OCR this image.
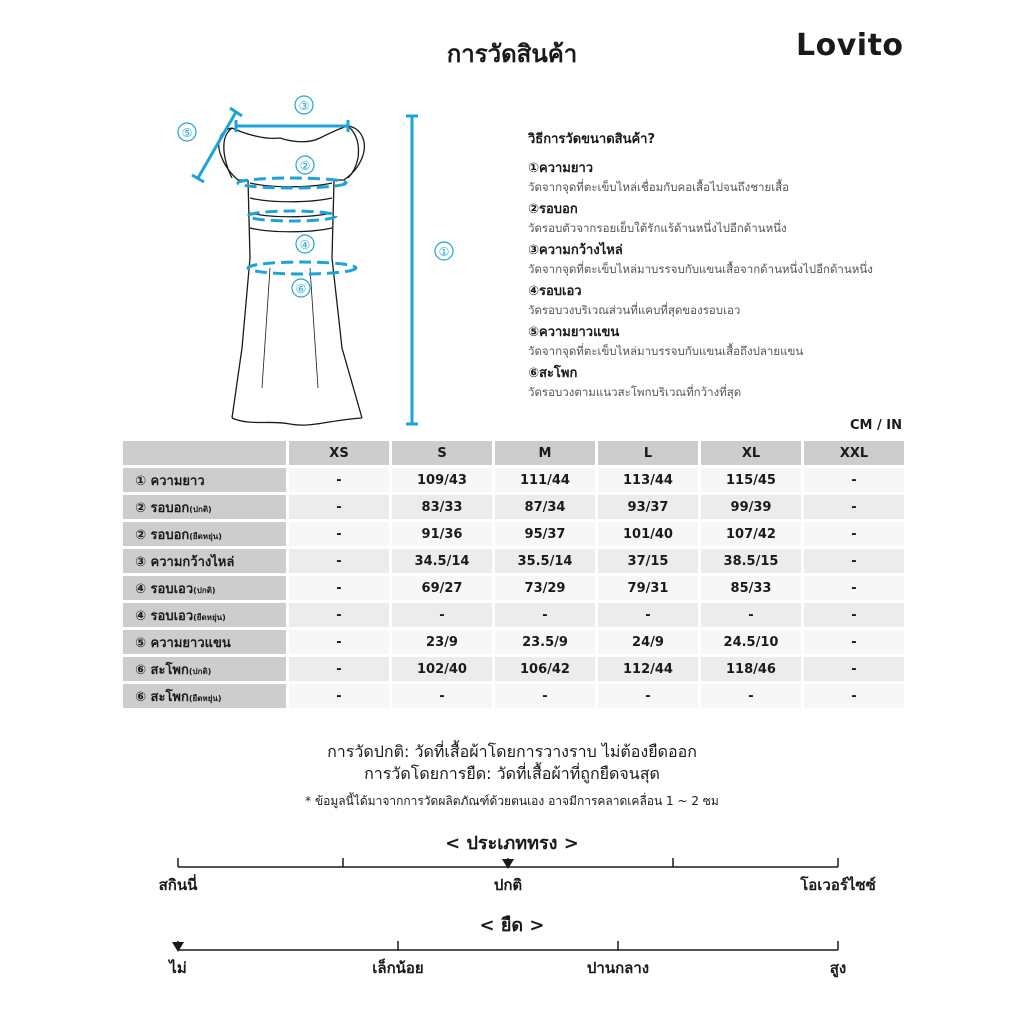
การวัดสินค้า	Lovito
③
⑤
②
④
⑥
①
วิธีการวัดขนาดสินค้า?
①ความยาว
วัดจากจุดที่ตะเข็บไหล่เชื่อมกับคอเสื้อไปจนถึงชายเสื้อ
②รอบอก
วัดรอบตัวจากรอยเย็บใต้รักแร้ด้านหนึ่งไปอีกด้านหนึ่ง
③ความกว้างไหล่
วัดจากจุดที่ตะเข็บไหล่มาบรรจบกับแขนเสื้อจากด้านหนึ่งไปอีกด้านหนึ่ง
④รอบเอว
วัดรอบวงบริเวณส่วนที่แคบที่สุดของรอบเอว
⑤ความยาวแขน
วัดจากจุดที่ตะเข็บไหล่มาบรรจบกับแขนเสื้อถึงปลายแขน
⑥สะโพก
วัดรอบวงตามแนวสะโพกบริเวณที่กว้างที่สุด
CM / IN
	XS	S	M	L	XL	XXL
① ความยาว	-	109/43	111/44	113/44	115/45	-
② รอบอก(ปกติ)	-	83/33	87/34	93/37	99/39	-
② รอบอก(ยืดหยุ่น)	-	91/36	95/37	101/40	107/42	-
③ ความกว้างไหล่	-	34.5/14	35.5/14	37/15	38.5/15	-
④ รอบเอว(ปกติ)	-	69/27	73/29	79/31	85/33	-
④ รอบเอว(ยืดหยุ่น)	-	-	-	-	-	-
⑤ ความยาวแขน	-	23/9	23.5/9	24/9	24.5/10	-
⑥ สะโพก(ปกติ)	-	102/40	106/42	112/44	118/46	-
⑥ สะโพก(ยืดหยุ่น)	-	-	-	-	-	-
การวัดปกติ: วัดที่เสื้อผ้าโดยการวางราบ ไม่ต้องยืดออก
การวัดโดยการยืด: วัดที่เสื้อผ้าที่ถูกยืดจนสุด
* ข้อมูลนี้ได้มาจากการวัดผลิตภัณฑ์ด้วยตนเอง อาจมีการคลาดเคลื่อน 1 ~ 2 ซม
< ประเภททรง >
สกินนี่	ปกติ	โอเวอร์ไซซ์
< ยืด >
ไม่	เล็กน้อย	ปานกลาง	สูง
